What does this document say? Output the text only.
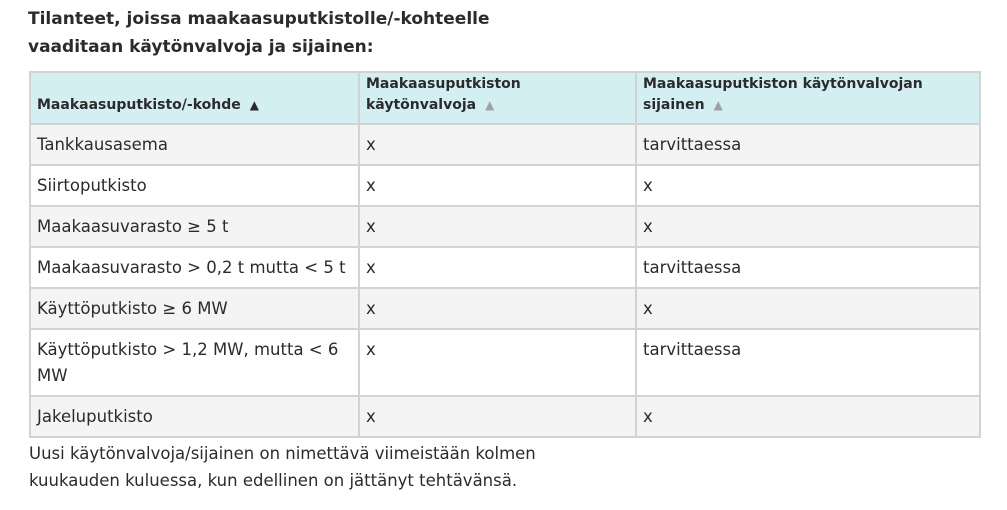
Tilanteet, joissa maakaasuputkistolle/-kohteelle vaaditaan käytönvalvoja ja sijainen:
Maakaasuputkisto/-kohde ▲	Maakaasuputkiston käytönvalvoja ▲	Maakaasuputkiston käytönvalvojan sijainen ▲
Tankkausasema	x	tarvittaessa
Siirtoputkisto	x	x
Maakaasuvarasto ≥ 5 t	x	x
Maakaasuvarasto > 0,2 t mutta < 5 t	x	tarvittaessa
Käyttöputkisto ≥ 6 MW	x	x
Käyttöputkisto > 1,2 MW, mutta < 6 MW	x	tarvittaessa
Jakeluputkisto	x	x
Uusi käytönvalvoja/sijainen on nimettävä viimeistään kolmen kuukauden kuluessa, kun edellinen on jättänyt tehtävänsä.
